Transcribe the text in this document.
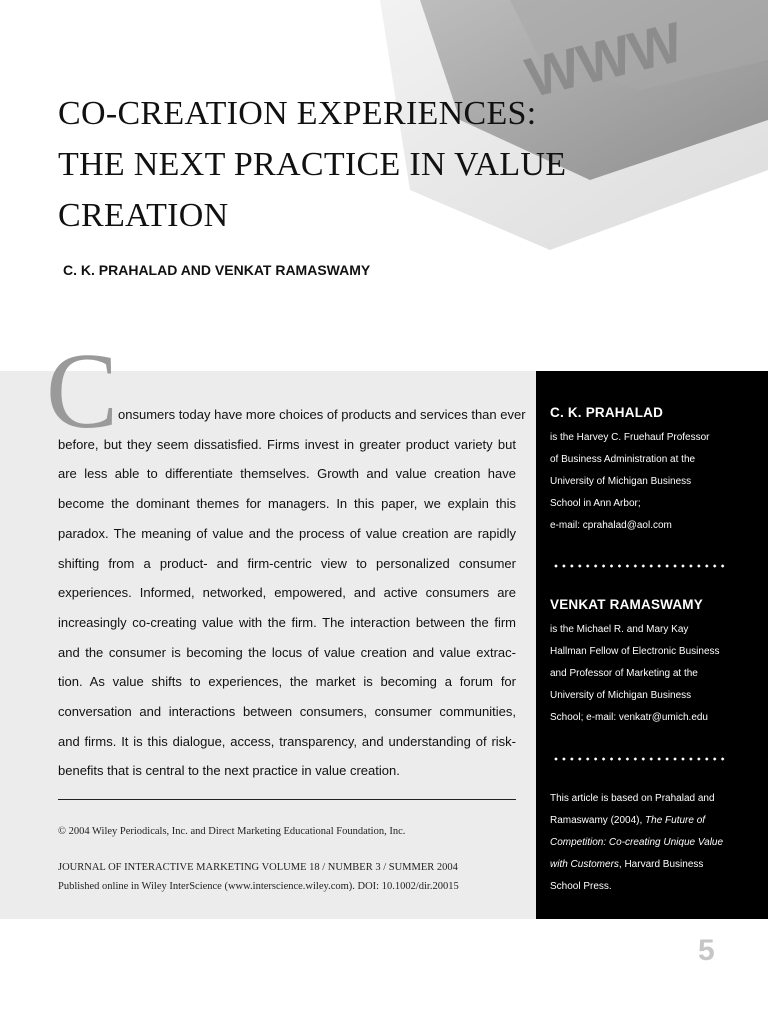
WWW
CO-CREATION EXPERIENCES:
THE NEXT PRACTICE IN VALUE
CREATION
C. K. PRAHALAD AND VENKAT RAMASWAMY
C onsumers today have more choices of products and services than ever
before, but they seem dissatisfied. Firms invest in greater product variety but
are less able to differentiate themselves. Growth and value creation have
become the dominant themes for managers. In this paper, we explain this
paradox. The meaning of value and the process of value creation are rapidly
shifting from a product- and firm-centric view to personalized consumer
experiences. Informed, networked, empowered, and active consumers are
increasingly co-creating value with the firm. The interaction between the firm
and the consumer is becoming the locus of value creation and value extrac-
tion. As value shifts to experiences, the market is becoming a forum for
conversation and interactions between consumers, consumer communities,
and firms. It is this dialogue, access, transparency, and understanding of risk-
benefits that is central to the next practice in value creation.
© 2004 Wiley Periodicals, Inc. and Direct Marketing Educational Foundation, Inc.
JOURNAL OF INTERACTIVE MARKETING VOLUME 18 / NUMBER 3 / SUMMER 2004
Published online in Wiley InterScience (www.interscience.wiley.com). DOI: 10.1002/dir.20015
C. K. PRAHALAD
is the Harvey C. Fruehauf Professor
of Business Administration at the
University of Michigan Business
School in Ann Arbor;
e-mail: cprahalad@aol.com
VENKAT RAMASWAMY
is the Michael R. and Mary Kay
Hallman Fellow of Electronic Business
and Professor of Marketing at the
University of Michigan Business
School; e-mail: venkatr@umich.edu
This article is based on Prahalad and
Ramaswamy (2004), The Future of
Competition: Co-creating Unique Value
with Customers, Harvard Business
School Press.
5
